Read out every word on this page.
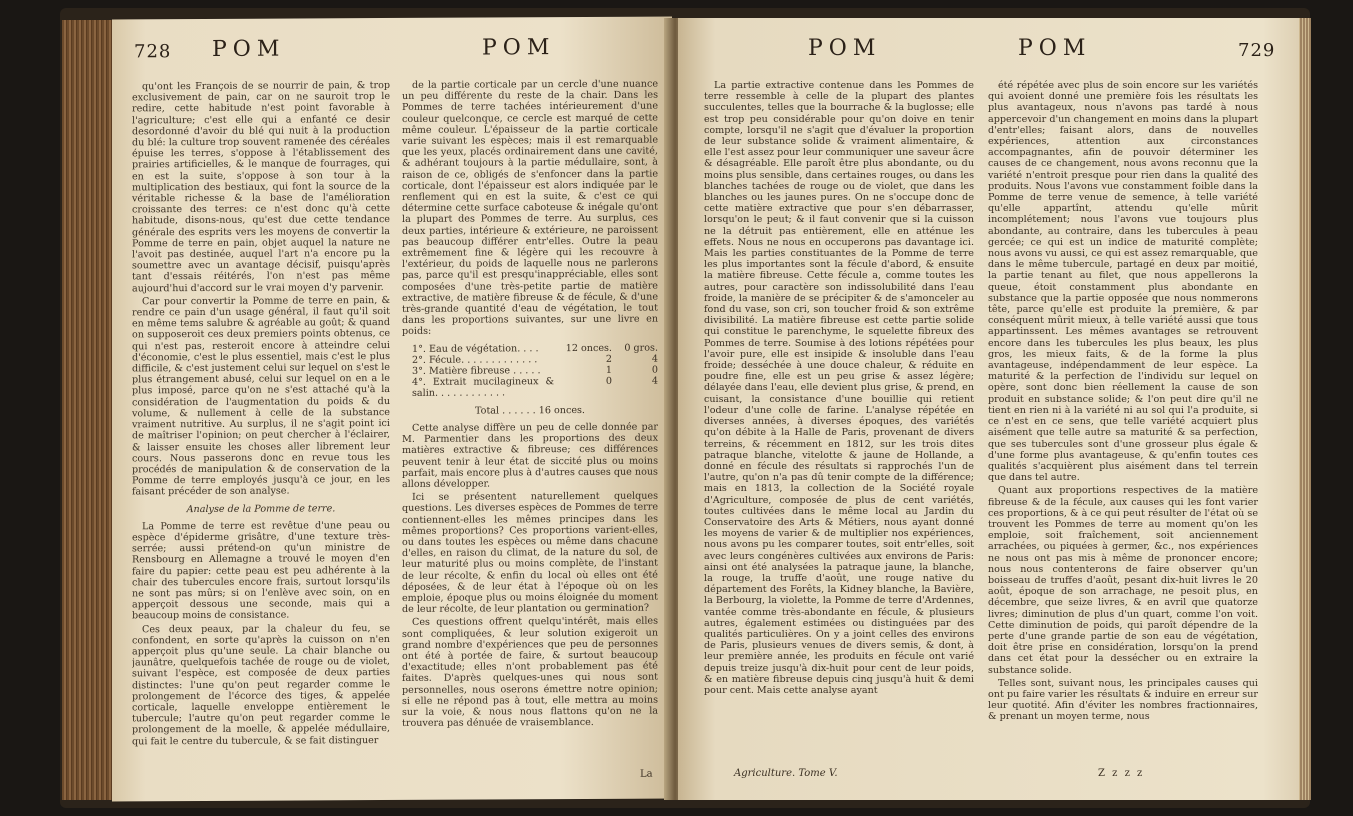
728 POM	POM

qu'ont les François de se nourrir de pain, & trop exclusivement de pain, car on ne sauroit trop le redire, cette habitude n'est point favorable à l'agriculture; c'est elle qui a enfanté ce desir desordonné d'avoir du blé qui nuit à la production du blé: la culture trop souvent ramenée des céréales épuise les terres, s'oppose à l'établissement des prairies artificielles, & le manque de fourrages, qui en est la suite, s'oppose à son tour à la multiplication des bestiaux, qui font la source de la véritable richesse & la base de l'amélioration croissante des terres: ce n'est donc qu'à cette habitude, disons-nous, qu'est due cette tendance générale des esprits vers les moyens de convertir la Pomme de terre en pain, objet auquel la nature ne l'avoit pas destinée, auquel l'art n'a encore pu la soumettre avec un avantage décisif, puisqu'après tant d'essais réitérés, l'on n'est pas même aujourd'hui d'accord sur le vrai moyen d'y parvenir.

Car pour convertir la Pomme de terre en pain, & rendre ce pain d'un usage général, il faut qu'il soit en même tems salubre & agréable au goût; & quand on supposeroit ces deux premiers points obtenus, ce qui n'est pas, resteroit encore à atteindre celui d'économie, c'est le plus essentiel, mais c'est le plus difficile, & c'est justement celui sur lequel on s'est le plus étrangement abusé, celui sur lequel on en a le plus imposé, parce qu'on ne s'est attaché qu'à la considération de l'augmentation du poids & du volume, & nullement à celle de la substance vraiment nutritive. Au surplus, il ne s'agit point ici de maîtriser l'opinion; on peut chercher à l'éclairer, & laisser ensuite les choses aller librement leur cours. Nous passerons donc en revue tous les procédés de manipulation & de conservation de la Pomme de terre employés jusqu'à ce jour, en les faisant précéder de son analyse.

Analyse de la Pomme de terre.

La Pomme de terre est revêtue d'une peau ou espèce d'épiderme grisâtre, d'une texture très-serrée; aussi prétend-on qu'un ministre de Rensbourg en Allemagne a trouvé le moyen d'en faire du papier: cette peau est peu adhérente à la chair des tubercules encore frais, surtout lorsqu'ils ne sont pas mûrs; si on l'enlève avec soin, on en apperçoit dessous une seconde, mais qui a beaucoup moins de consistance.

Ces deux peaux, par la chaleur du feu, se confondent, en sorte qu'après la cuisson on n'en apperçoit plus qu'une seule. La chair blanche ou jaunâtre, quelquefois tachée de rouge ou de violet, suivant l'espèce, est composée de deux parties distinctes: l'une qu'on peut regarder comme le prolongement de l'écorce des tiges, & appelée corticale, laquelle enveloppe entièrement le tubercule; l'autre qu'on peut regarder comme le prolongement de la moelle, & appelée médullaire, qui fait le centre du tubercule, & se fait distinguer

de la partie corticale par un cercle d'une nuance un peu différente du reste de la chair. Dans les Pommes de terre tachées intérieurement d'une couleur quelconque, ce cercle est marqué de cette même couleur. L'épaisseur de la partie corticale varie suivant les espèces; mais il est remarquable que les yeux, placés ordinairement dans une cavité, & adhérant toujours à la partie médullaire, sont, à raison de ce, obligés de s'enfoncer dans la partie corticale, dont l'épaisseur est alors indiquée par le renflement qui en est la suite, & c'est ce qui détermine cette surface caboteuse & inégale qu'ont la plupart des Pommes de terre. Au surplus, ces deux parties, intérieure & extérieure, ne paroissent pas beaucoup différer entr'elles. Outre la peau extrêmement fine & légère qui les recouvre à l'extérieur, du poids de laquelle nous ne parlerons pas, parce qu'il est presqu'inappréciable, elles sont composées d'une très-petite partie de matière extractive, de matière fibreuse & de fécule, & d'une très-grande quantité d'eau de végétation, le tout dans les proportions suivantes, sur une livre en poids:

1°. Eau de végétation. . . .	12 onces.	0 gros.
2°. Fécule. . . . . . . . . . . . .	2	4
3°. Matière fibreuse . . . . .	1	0
4°. Extrait mucilagineux & salin. . . . . . . . . . . .
0	4

Total . . . . . . 16 onces.

Cette analyse diffère un peu de celle donnée par M. Parmentier dans les proportions des deux matières extractive & fibreuse; ces différences peuvent tenir à leur état de siccité plus ou moins parfait, mais encore plus à d'autres causes que nous allons développer.

Ici se présentent naturellement quelques questions. Les diverses espèces de Pommes de terre contiennent-elles les mêmes principes dans les mêmes proportions? Ces proportions varient-elles, ou dans toutes les espèces ou même dans chacune d'elles, en raison du climat, de la nature du sol, de leur maturité plus ou moins complète, de l'instant de leur récolte, & enfin du local où elles ont été déposées, & de leur état à l'époque où on les emploie, époque plus ou moins éloignée du moment de leur récolte, de leur plantation ou germination?

Ces questions offrent quelqu'intérêt, mais elles sont compliquées, & leur solution exigeroit un grand nombre d'expériences que peu de personnes ont été à portée de faire, & surtout beaucoup d'exactitude; elles n'ont probablement pas été faites. D'après quelques-unes qui nous sont personnelles, nous oserons émettre notre opinion; si elle ne répond pas à tout, elle mettra au moins sur la voie, & nous nous flattons qu'on ne la trouvera pas dénuée de vraisemblance.

La
POM	POM	729

La partie extractive contenue dans les Pommes de terre ressemble à celle de la plupart des plantes succulentes, telles que la bourrache & la buglosse; elle est trop peu considérable pour qu'on doive en tenir compte, lorsqu'il ne s'agit que d'évaluer la proportion de leur substance solide & vraiment alimentaire, & elle l'est assez pour leur communiquer une saveur âcre & désagréable. Elle paroît être plus abondante, ou du moins plus sensible, dans certaines rouges, ou dans les blanches tachées de rouge ou de violet, que dans les blanches ou les jaunes pures. On ne s'occupe donc de cette matière extractive que pour s'en débarrasser, lorsqu'on le peut; & il faut convenir que si la cuisson ne la détruit pas entièrement, elle en atténue les effets. Nous ne nous en occuperons pas davantage ici. Mais les parties constituantes de la Pomme de terre les plus importantes sont la fécule d'abord, & ensuite la matière fibreuse. Cette fécule a, comme toutes les autres, pour caractère son indissolubilité dans l'eau froide, la manière de se précipiter & de s'amonceler au fond du vase, son cri, son toucher froid & son extrême divisibilité. La matière fibreuse est cette partie solide qui constitue le parenchyme, le squelette fibreux des Pommes de terre. Soumise à des lotions répétées pour l'avoir pure, elle est insipide & insoluble dans l'eau froide; desséchée à une douce chaleur, & réduite en poudre fine, elle est un peu grise & assez légère; délayée dans l'eau, elle devient plus grise, & prend, en cuisant, la consistance d'une bouillie qui retient l'odeur d'une colle de farine. L'analyse répétée en diverses années, à diverses époques, des variétés qu'on débite à la Halle de Paris, provenant de divers terreins, & récemment en 1812, sur les trois dites patraque blanche, vitelotte & jaune de Hollande, a donné en fécule des résultats si rapprochés l'un de l'autre, qu'on n'a pas dû tenir compte de la différence; mais en 1813, la collection de la Société royale d'Agriculture, composée de plus de cent variétés, toutes cultivées dans le même local au Jardin du Conservatoire des Arts & Métiers, nous ayant donné les moyens de varier & de multiplier nos expériences, nous avons pu les comparer toutes, soit entr'elles, soit avec leurs congénères cultivées aux environs de Paris: ainsi ont été analysées la patraque jaune, la blanche, la rouge, la truffe d'août, une rouge native du département des Forêts, la Kidney blanche, la Bavière, la Berbourg, la violette, la Pomme de terre d'Ardennes, vantée comme très-abondante en fécule, & plusieurs autres, également estimées ou distinguées par des qualités particulières. On y a joint celles des environs de Paris, plusieurs venues de divers semis, & dont, à leur première année, les produits en fécule ont varié depuis treize jusqu'à dix-huit pour cent de leur poids, & en matière fibreuse depuis cinq jusqu'à huit & demi pour cent. Mais cette analyse ayant

Agriculture. Tome V.

été répétée avec plus de soin encore sur les variétés qui avoient donné une première fois les résultats les plus avantageux, nous n'avons pas tardé à nous appercevoir d'un changement en moins dans la plupart d'entr'elles; faisant alors, dans de nouvelles expériences, attention aux circonstances accompagnantes, afin de pouvoir déterminer les causes de ce changement, nous avons reconnu que la variété n'entroit presque pour rien dans la qualité des produits. Nous l'avons vue constamment foible dans la Pomme de terre venue de semence, à telle variété qu'elle appartînt, attendu qu'elle mûrit incomplétement; nous l'avons vue toujours plus abondante, au contraire, dans les tubercules à peau gercée; ce qui est un indice de maturité complète; nous avons vu aussi, ce qui est assez remarquable, que dans le même tubercule, partagé en deux par moitié, la partie tenant au filet, que nous appellerons la queue, étoit constamment plus abondante en substance que la partie opposée que nous nommerons tête, parce qu'elle est produite la première, & par conséquent mûrit mieux, à telle variété aussi que tous appartinssent. Les mêmes avantages se retrouvent encore dans les tubercules les plus beaux, les plus gros, les mieux faits, & de la forme la plus avantageuse, indépendamment de leur espèce. La maturité & la perfection de l'individu sur lequel on opère, sont donc bien réellement la cause de son produit en substance solide; & l'on peut dire qu'il ne tient en rien ni à la variété ni au sol qui l'a produite, si ce n'est en ce sens, que telle variété acquiert plus aisément que telle autre sa maturité & sa perfection, que ses tubercules sont d'une grosseur plus égale & d'une forme plus avantageuse, & qu'enfin toutes ces qualités s'acquièrent plus aisément dans tel terrein que dans tel autre.

Quant aux proportions respectives de la matière fibreuse & de la fécule, aux causes qui les font varier ces proportions, & à ce qui peut résulter de l'état où se trouvent les Pommes de terre au moment qu'on les emploie, soit fraîchement, soit anciennement arrachées, ou piquées à germer, &c., nos expériences ne nous ont pas mis à même de prononcer encore; nous nous contenterons de faire observer qu'un boisseau de truffes d'août, pesant dix-huit livres le 20 août, époque de son arrachage, ne pesoit plus, en décembre, que seize livres, & en avril que quatorze livres; diminution de plus d'un quart, comme l'on voit. Cette diminution de poids, qui paroît dépendre de la perte d'une grande partie de son eau de végétation, doit être prise en considération, lorsqu'on la prend dans cet état pour la dessécher ou en extraire la substance solide.

Telles sont, suivant nous, les principales causes qui ont pu faire varier les résultats & induire en erreur sur leur quotité. Afin d'éviter les nombres fractionnaires, & prenant un moyen terme, nous

Z z z z
